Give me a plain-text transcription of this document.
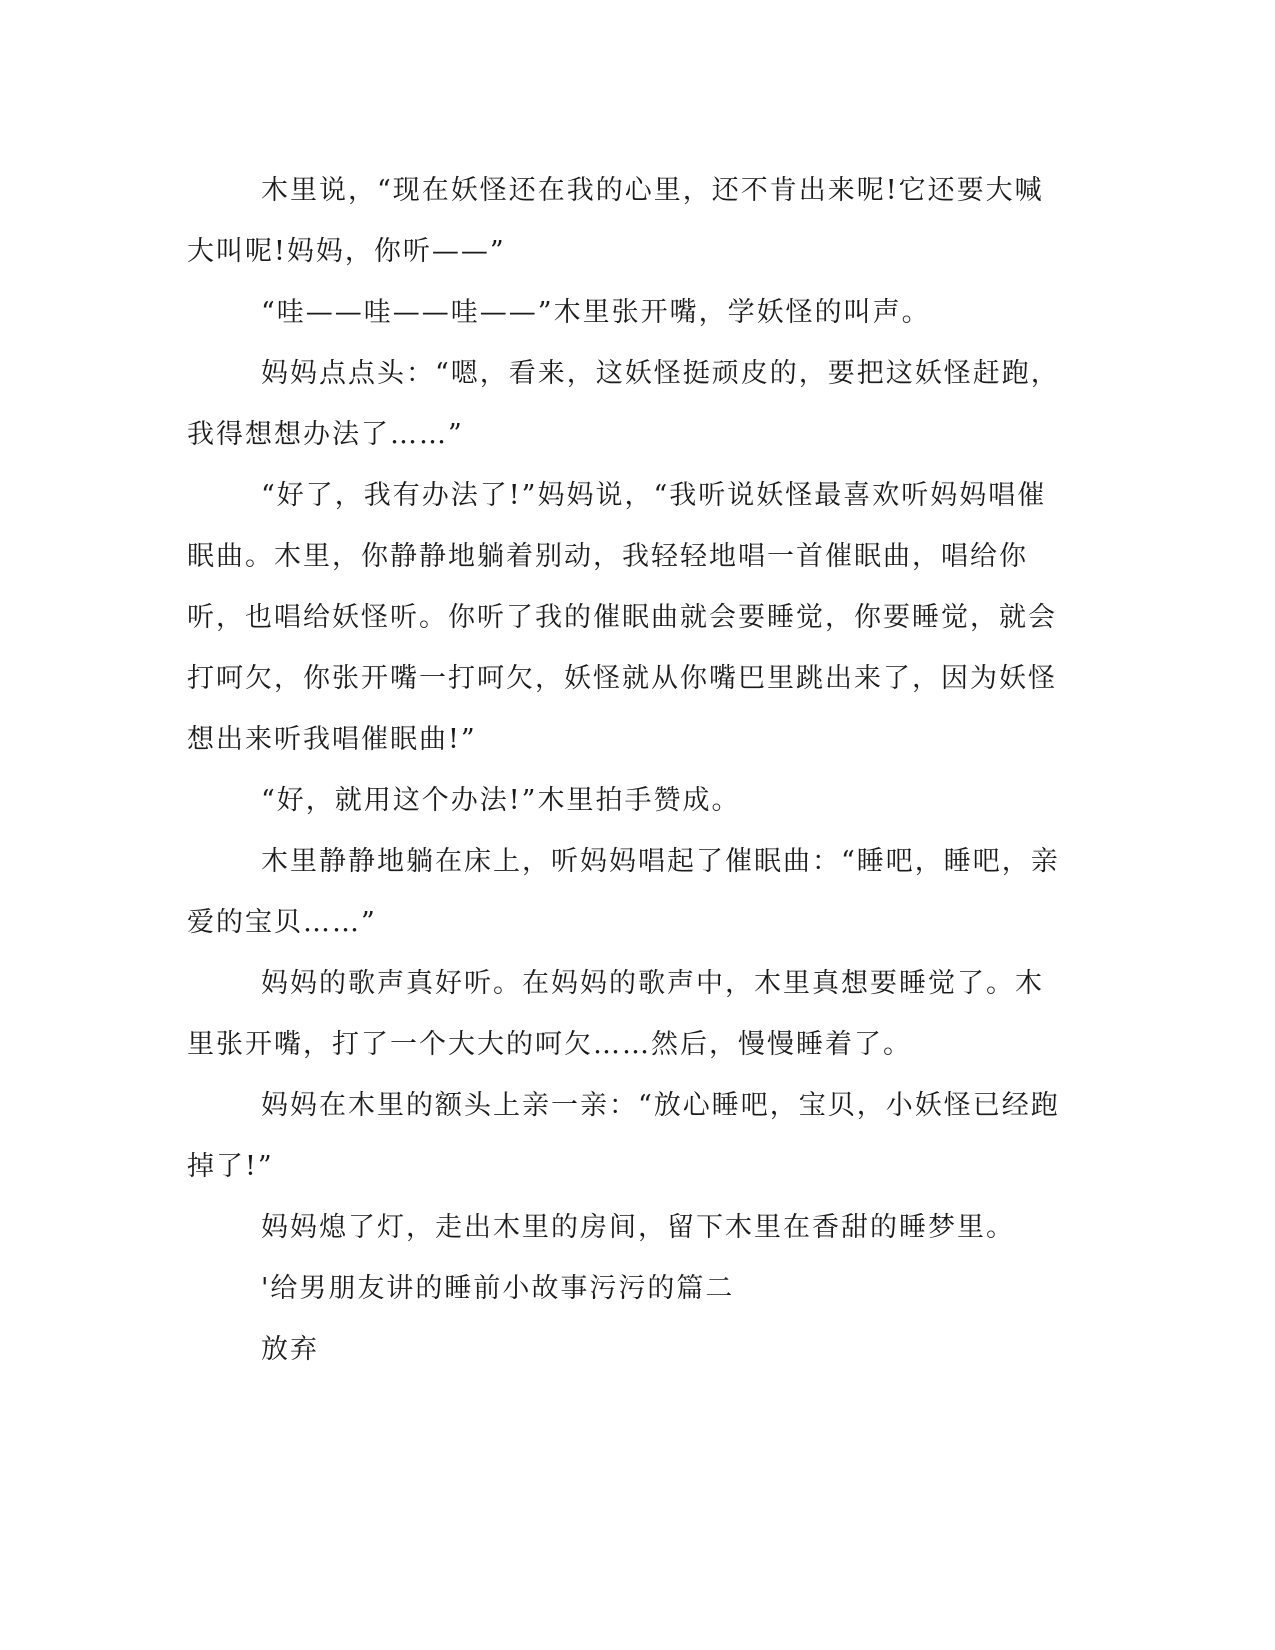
木里说，“现在妖怪还在我的心里，还不肯出来呢!它还要大喊大叫呢!妈妈，你听——”

“哇——哇——哇——”木里张开嘴，学妖怪的叫声。

妈妈点点头：“嗯，看来，这妖怪挺顽皮的，要把这妖怪赶跑，我得想想办法了……”

“好了，我有办法了!”妈妈说，“我听说妖怪最喜欢听妈妈唱催眠曲。木里，你静静地躺着别动，我轻轻地唱一首催眠曲，唱给你听，也唱给妖怪听。你听了我的催眠曲就会要睡觉，你要睡觉，就会打呵欠，你张开嘴一打呵欠，妖怪就从你嘴巴里跳出来了，因为妖怪想出来听我唱催眠曲!”

“好，就用这个办法!”木里拍手赞成。

木里静静地躺在床上，听妈妈唱起了催眠曲：“睡吧，睡吧，亲爱的宝贝……”

妈妈的歌声真好听。在妈妈的歌声中，木里真想要睡觉了。木里张开嘴，打了一个大大的呵欠……然后，慢慢睡着了。

妈妈在木里的额头上亲一亲：“放心睡吧，宝贝，小妖怪已经跑掉了!”

妈妈熄了灯，走出木里的房间，留下木里在香甜的睡梦里。

'给男朋友讲的睡前小故事污污的篇二

放弃
